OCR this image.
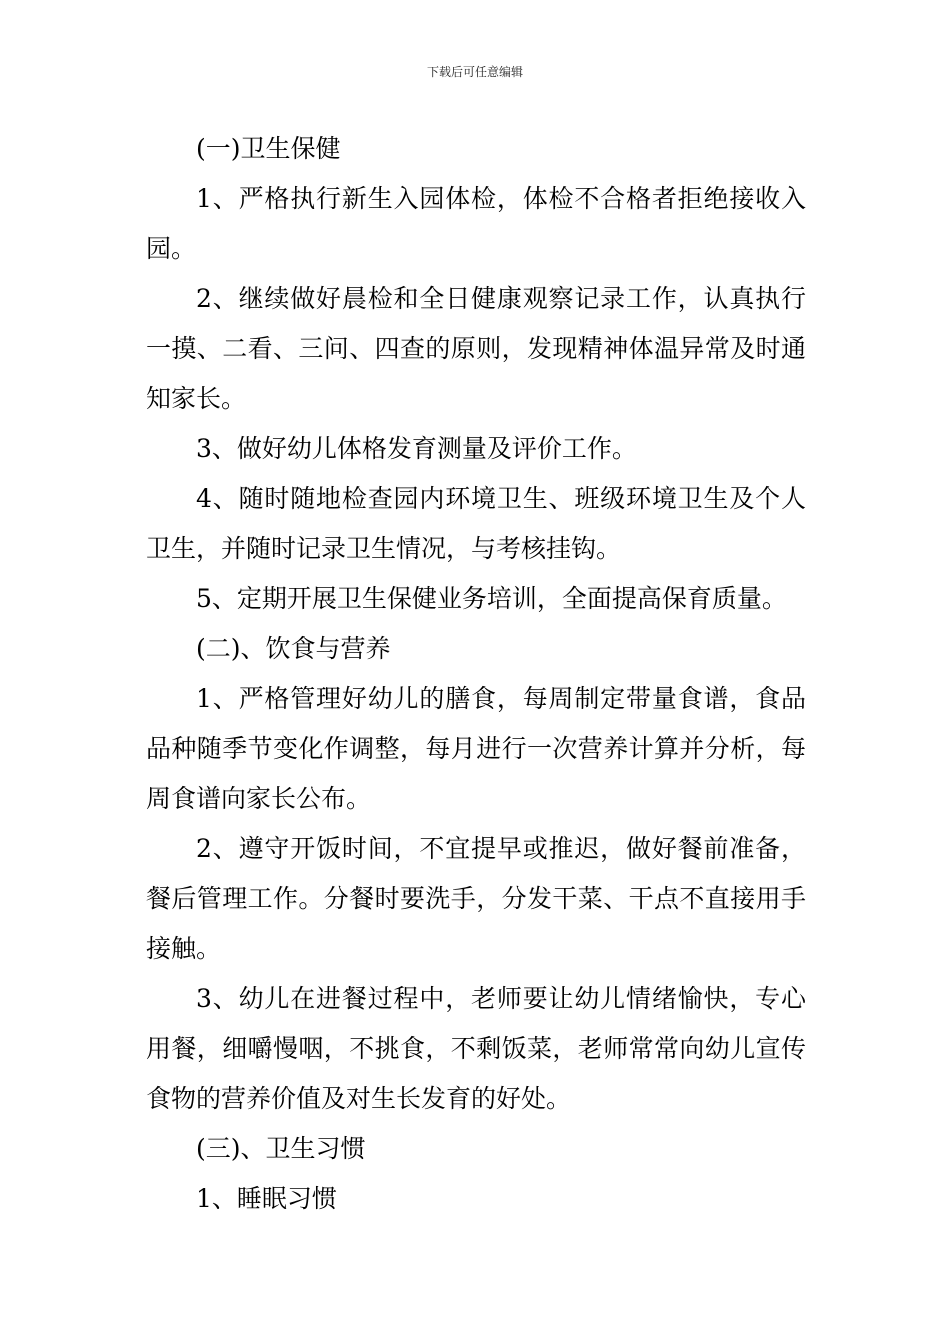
下载后可任意编辑

(一)卫生保健

1、严格执行新生入园体检，体检不合格者拒绝接收入园。

2、继续做好晨检和全日健康观察记录工作，认真执行一摸、二看、三问、四查的原则，发现精神体温异常及时通知家长。

3、做好幼儿体格发育测量及评价工作。

4、随时随地检查园内环境卫生、班级环境卫生及个人卫生，并随时记录卫生情况，与考核挂钩。

5、定期开展卫生保健业务培训，全面提高保育质量。

(二)、饮食与营养

1、严格管理好幼儿的膳食，每周制定带量食谱，食品品种随季节变化作调整，每月进行一次营养计算并分析，每周食谱向家长公布。

2、遵守开饭时间，不宜提早或推迟，做好餐前准备，餐后管理工作。分餐时要洗手，分发干菜、干点不直接用手接触。

3、幼儿在进餐过程中，老师要让幼儿情绪愉快，专心用餐，细嚼慢咽，不挑食，不剩饭菜，老师常常向幼儿宣传食物的营养价值及对生长发育的好处。

(三)、卫生习惯

1、睡眠习惯
